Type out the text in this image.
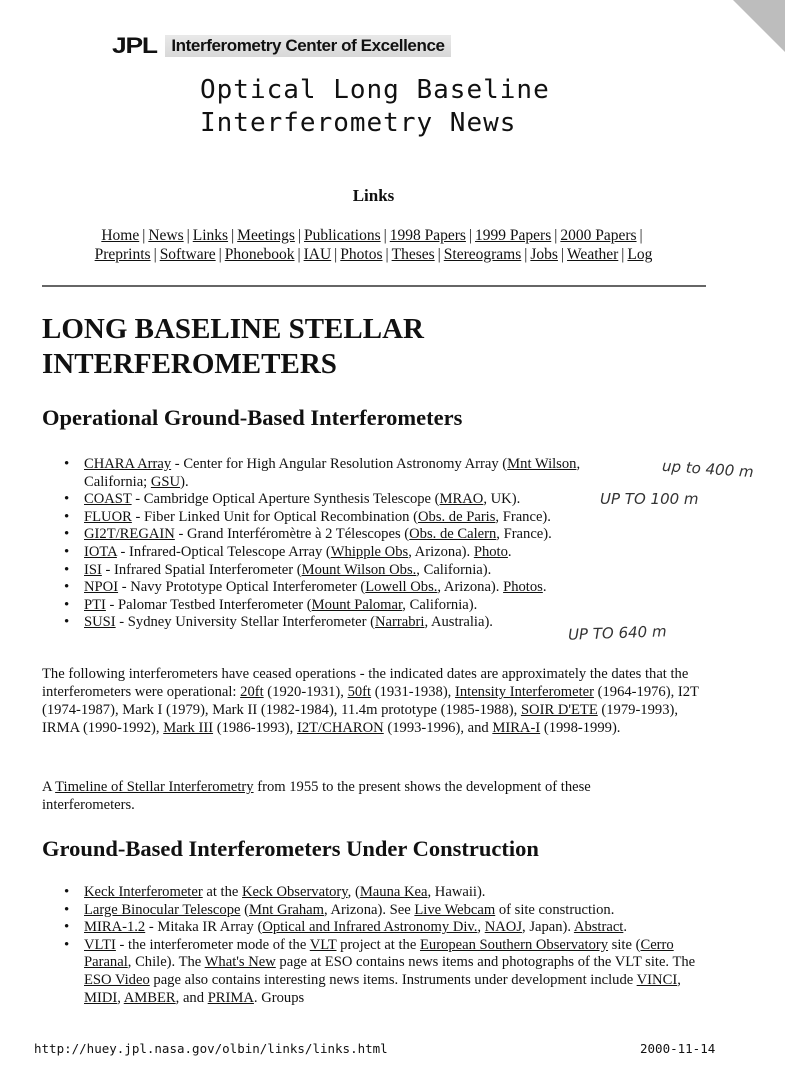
JPL Interferometry Center of Excellence
Optical Long Baseline
Interferometry News
Links
Home | News | Links | Meetings | Publications | 1998 Papers | 1999 Papers | 2000 Papers |
Preprints | Software | Phonebook | IAU | Photos | Theses | Stereograms | Jobs | Weather | Log
LONG BASELINE STELLAR
INTERFEROMETERS
Operational Ground-Based Interferometers
• CHARA Array - Center for High Angular Resolution Astronomy Array (Mnt Wilson, California; GSU).
• COAST - Cambridge Optical Aperture Synthesis Telescope (MRAO, UK).
• FLUOR - Fiber Linked Unit for Optical Recombination (Obs. de Paris, France).
• GI2T/REGAIN - Grand Interféromètre à 2 Télescopes (Obs. de Calern, France).
• IOTA - Infrared-Optical Telescope Array (Whipple Obs, Arizona). Photo.
• ISI - Infrared Spatial Interferometer (Mount Wilson Obs., California).
• NPOI - Navy Prototype Optical Interferometer (Lowell Obs., Arizona). Photos.
• PTI - Palomar Testbed Interferometer (Mount Palomar, California).
• SUSI - Sydney University Stellar Interferometer (Narrabri, Australia).
up to 400 m
UP TO 100 m
UP TO 640 m
The following interferometers have ceased operations - the indicated dates are approximately the dates that the interferometers were operational: 20ft (1920-1931), 50ft (1931-1938), Intensity Interferometer (1964-1976), I2T (1974-1987), Mark I (1979), Mark II (1982-1984), 11.4m prototype (1985-1988), SOIR D'ETE (1979-1993), IRMA (1990-1992), Mark III (1986-1993), I2T/CHARON (1993-1996), and MIRA-I (1998-1999).
A Timeline of Stellar Interferometry from 1955 to the present shows the development of these interferometers.
Ground-Based Interferometers Under Construction
• Keck Interferometer at the Keck Observatory, (Mauna Kea, Hawaii).
• Large Binocular Telescope (Mnt Graham, Arizona). See Live Webcam of site construction.
• MIRA-1.2 - Mitaka IR Array (Optical and Infrared Astronomy Div., NAOJ, Japan). Abstract.
• VLTI - the interferometer mode of the VLT project at the European Southern Observatory site (Cerro Paranal, Chile). The What's New page at ESO contains news items and photographs of the VLT site. The ESO Video page also contains interesting news items. Instruments under development include VINCI, MIDI, AMBER, and PRIMA. Groups
http://huey.jpl.nasa.gov/olbin/links/links.html	2000-11-14
